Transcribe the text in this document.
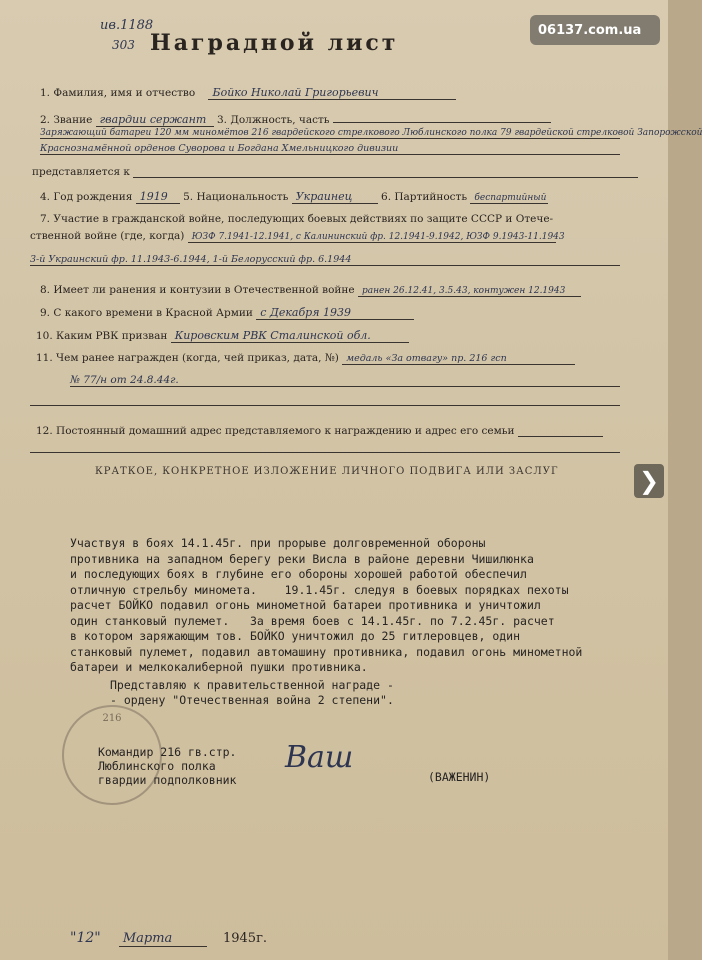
ив.1188
303 Наградной лист	06137.com.ua
1. Фамилия, имя и отчество Бойко Николай Григорьевич
2. Звание гвардии сержант 3. Должность, часть
Заряжающий батареи 120 мм миномётов 216 гвардейского стрелкового Люблинского полка 79 гвардейской стрелковой Запорожской
Краснознамённой орденов Суворова и Богдана Хмельницкого дивизии
представляется к
4. Год рождения 1919 5. Национальность Украинец	6. Партийность беспартийный
7. Участие в гражданской войне, последующих боевых действиях по защите СССР и Отече-
ственной войне (где, когда) ЮЗФ 7.1941-12.1941, с Калининский фр. 12.1941-9.1942, ЮЗФ 9.1943-11.1943
3-й Украинский фр. 11.1943-6.1944, 1-й Белорусский фр. 6.1944
8. Имеет ли ранения и контузии в Отечественной войне ранен 26.12.41, 3.5.43, контужен 12.1943
9. С какого времени в Красной Армии с Декабря 1939
10. Каким РВК призван Кировским РВК Сталинской обл.
11. Чем ранее награжден (когда, чей приказ, дата, №) медаль «За отвагу» пр. 216 гсп
№ 77/н от 24.8.44г.
12. Постоянный домашний адрес представляемого к награждению и адрес его семьи
КРАТКОЕ, КОНКРЕТНОЕ ИЗЛОЖЕНИЕ ЛИЧНОГО ПОДВИГА ИЛИ ЗАСЛУГ
Участвуя в боях 14.1.45г. при прорыве долговременной обороны
противника на западном берегу реки Висла в районе деревни Чишилюнка
и последующих боях в глубине его обороны хорошей работой обеспечил
отличную стрельбу миномета.    19.1.45г. следуя в боевых порядках пехоты
расчет БОЙКО подавил огонь минометной батареи противника и уничтожил
один станковый пулемет.   За время боев с 14.1.45г. по 7.2.45г. расчет
в котором заряжающим тов. БОЙКО уничтожил до 25 гитлеровцев, один
станковый пулемет, подавил автомашину противника, подавил огонь минометной
батареи и мелкокалиберной пушки противника.
Представляю к правительственной награде -
- ордену "Отечественная война 2 степени".
216
Командир 216 гв.стр.
Люблинского полка
гвардии подполковник
Ваш
(ВАЖЕНИН)
"12" Марта	1945г.
❯
